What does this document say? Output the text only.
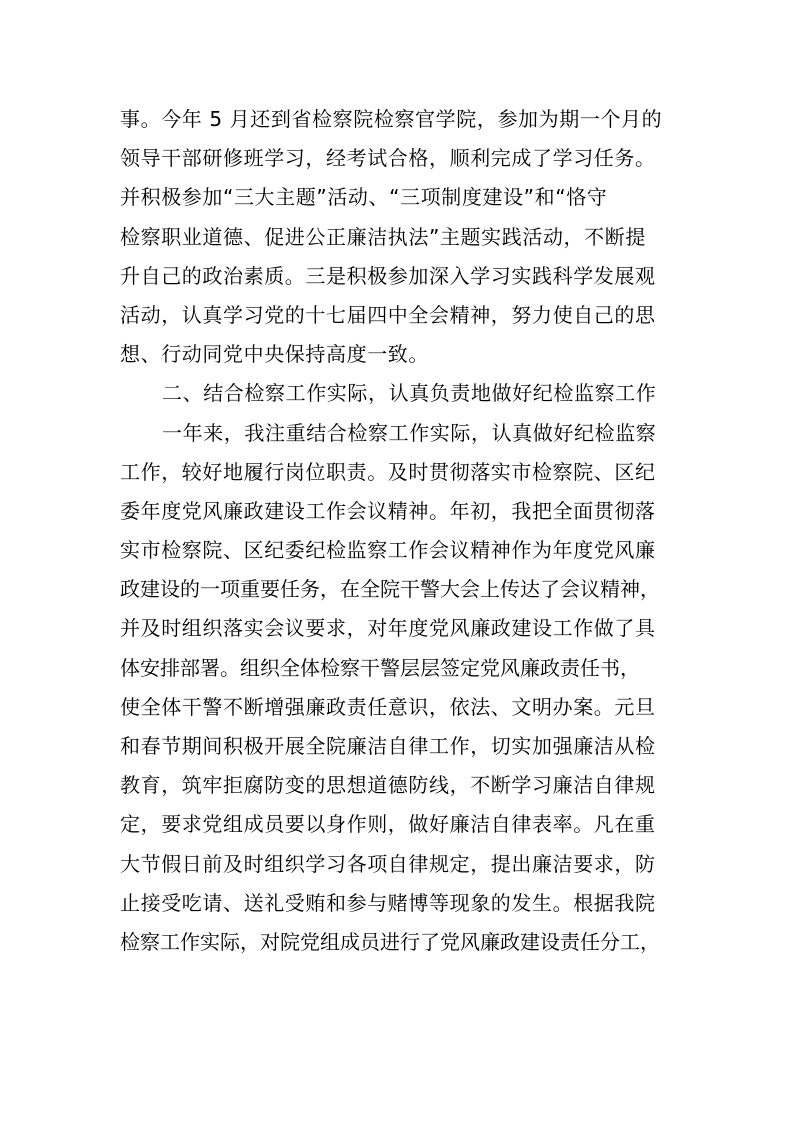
事。今年 5 月还到省检察院检察官学院，参加为期一个月的
领导干部研修班学习，经考试合格，顺利完成了学习任务。
并积极参加“三大主题”活动、“三项制度建设”和“恪守
检察职业道德、促进公正廉洁执法”主题实践活动，不断提
升自己的政治素质。三是积极参加深入学习实践科学发展观
活动，认真学习党的十七届四中全会精神，努力使自己的思
想、行动同党中央保持高度一致。
二、结合检察工作实际，认真负责地做好纪检监察工作
一年来，我注重结合检察工作实际，认真做好纪检监察
工作，较好地履行岗位职责。及时贯彻落实市检察院、区纪
委年度党风廉政建设工作会议精神。年初，我把全面贯彻落
实市检察院、区纪委纪检监察工作会议精神作为年度党风廉
政建设的一项重要任务，在全院干警大会上传达了会议精神，
并及时组织落实会议要求，对年度党风廉政建设工作做了具
体安排部署。组织全体检察干警层层签定党风廉政责任书，
使全体干警不断增强廉政责任意识，依法、文明办案。元旦
和春节期间积极开展全院廉洁自律工作，切实加强廉洁从检
教育，筑牢拒腐防变的思想道德防线，不断学习廉洁自律规
定，要求党组成员要以身作则，做好廉洁自律表率。凡在重
大节假日前及时组织学习各项自律规定，提出廉洁要求，防
止接受吃请、送礼受贿和参与赌博等现象的发生。根据我院
检察工作实际，对院党组成员进行了党风廉政建设责任分工，
